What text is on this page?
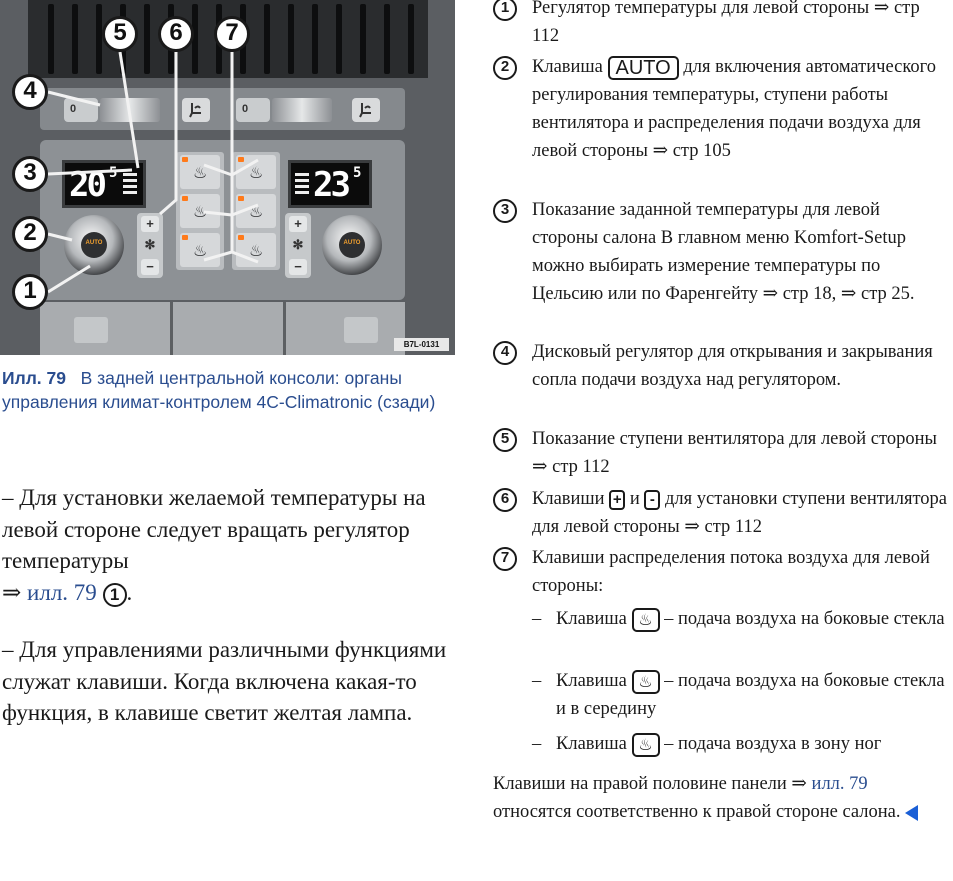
0	0
20 5	23 5
AUTO	AUTO
+
✻
−
+
✻
−
♨
♨
♨
♨
♨
♨
B7L-0131
4
3
2
1
5	6	7
Илл. 79 В задней центральной консоли: органы управления климат-контролем 4C-Climatronic (сзади)
– Для установки желаемой температуры на левой стороне следует вращать регулятор температуры
⇒ илл. 79 1 .
– Для управлениями различными функциями служат клавиши. Когда включена какая-то функция, в клавише светит желтая лампа.
1	Регулятор температуры для левой стороны ⇒ стр 112
2	Клавиша AUTO для включения автоматического регулирования температуры, ступени работы вентилятора и распределения подачи воздуха для левой стороны ⇒ стр 105
3	Показание заданной температуры для левой стороны салона В главном меню Komfort-Setup можно выбирать измерение температуры по Цельсию или по Фаренгейту ⇒ стр 18, ⇒ стр 25.
4	Дисковый регулятор для открывания и закрывания сопла подачи воздуха над регулятором.
5	Показание ступени вентилятора для левой стороны ⇒ стр 112
6	Клавиши + и - для установки ступени вентилятора для левой стороны ⇒ стр 112
7	Клавиши распределения потока воздуха для левой стороны:
– Клавиша ♨ – подача воздуха на боковые стекла
– Клавиша ♨ – подача воздуха на боковые стекла и в середину
– Клавиша ♨ – подача воздуха в зону ног
Клавиши на правой половине панели ⇒ илл. 79 относятся соответственно к правой стороне салона.
